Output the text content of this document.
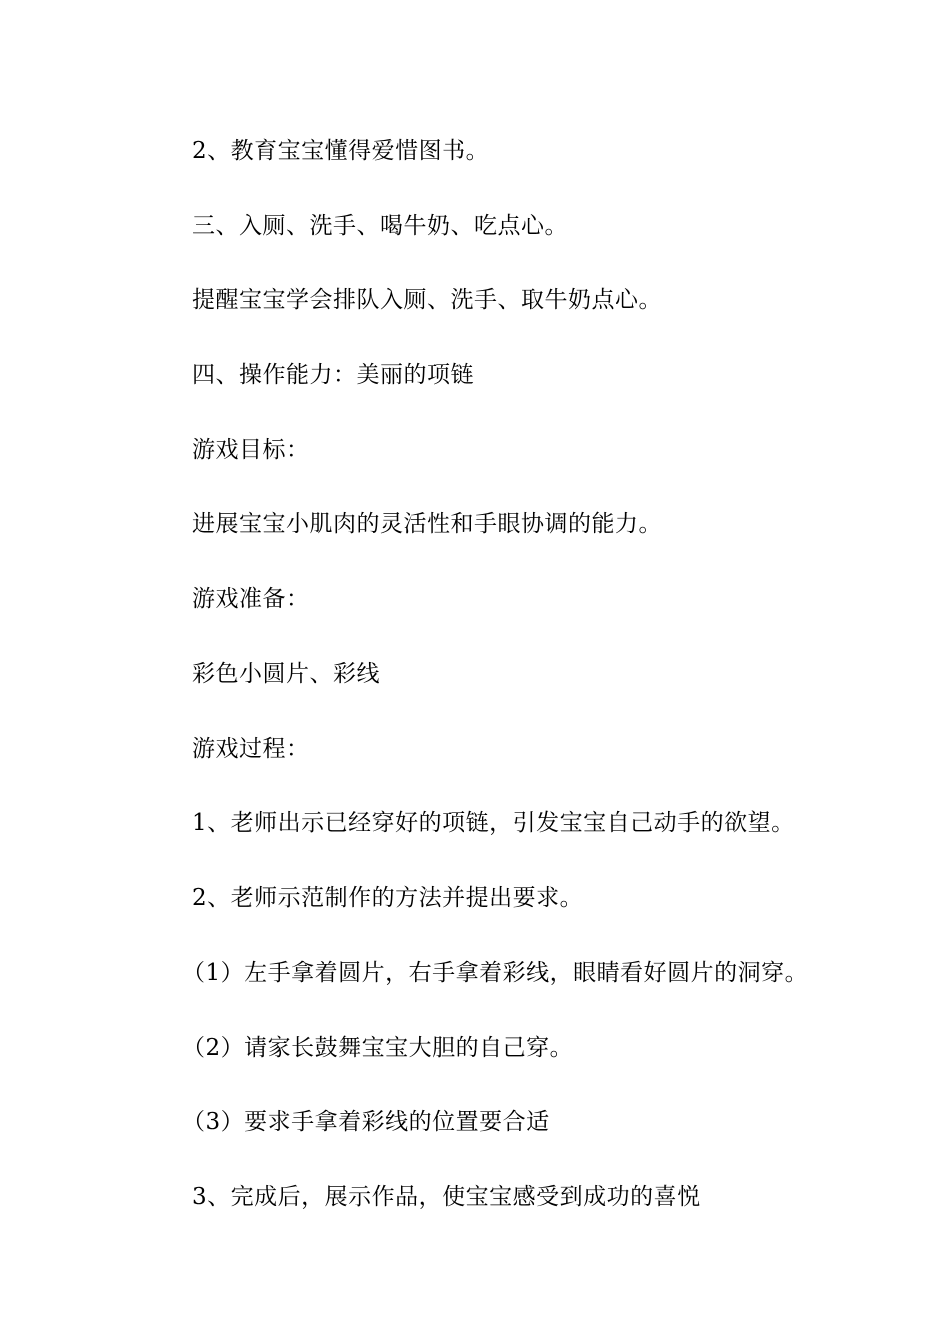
2、教育宝宝懂得爱惜图书。
三、入厕、洗手、喝牛奶、吃点心。
提醒宝宝学会排队入厕、洗手、取牛奶点心。
四、操作能力：美丽的项链
游戏目标：
进展宝宝小肌肉的灵活性和手眼协调的能力。
游戏准备：
彩色小圆片、彩线
游戏过程：
1、老师出示已经穿好的项链，引发宝宝自己动手的欲望。
2、老师示范制作的方法并提出要求。
（1）左手拿着圆片，右手拿着彩线，眼睛看好圆片的洞穿。
（2）请家长鼓舞宝宝大胆的自己穿。
（3）要求手拿着彩线的位置要合适
3、完成后，展示作品，使宝宝感受到成功的喜悦
